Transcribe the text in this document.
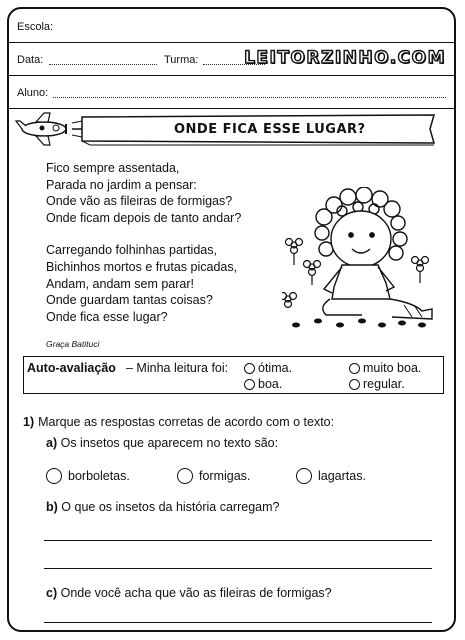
Escola:
Data:	Turma:	LEITORZINHO.COM
Aluno:
ONDE FICA ESSE LUGAR?
Fico sempre assentada,
Parada no jardim a pensar:
Onde vão as fileiras de formigas?
Onde ficam depois de tanto andar?
Carregando folhinhas partidas,
Bichinhos mortos e frutas picadas,
Andam, andam sem parar!
Onde guardam tantas coisas?
Onde fica esse lugar?
Graça Batituci
Auto-avaliação – Minha leitura foi: ótima.	muito boa.
boa.	regular.
1) Marque as respostas corretas de acordo com o texto:
a) Os insetos que aparecem no texto são:
borboletas.	formigas.	lagartas.
b) O que os insetos da história carregam?
c) Onde você acha que vão as fileiras de formigas?
